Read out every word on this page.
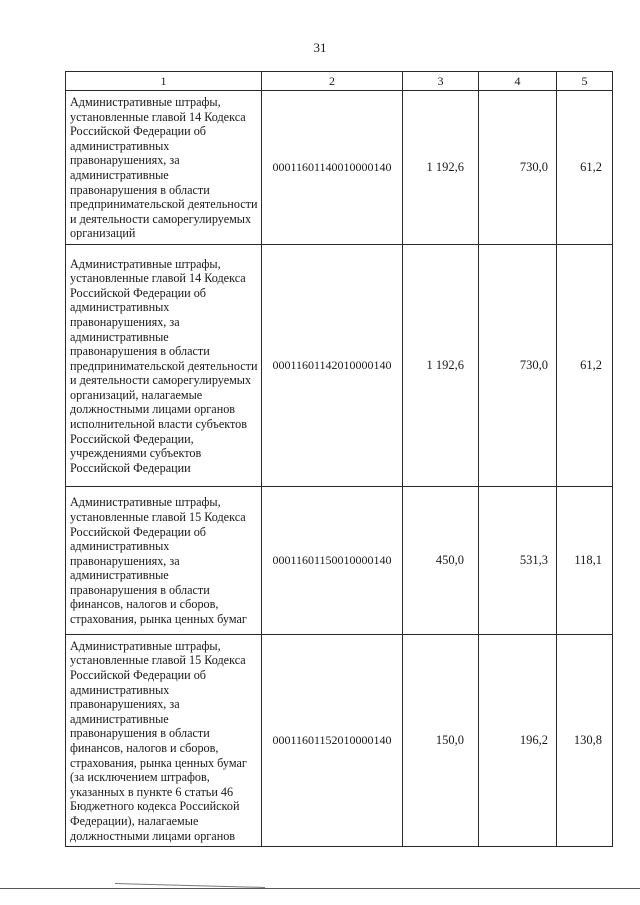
31
1	2	3	4	5
Административные штрафы, установленные главой 14 Кодекса Российской Федерации об административных правонарушениях, за административные правонарушения в области предпринимательской деятельности и деятельности саморегулируемых организаций	00011601140010000140	1 192,6	730,0	61,2
Административные штрафы, установленные главой 14 Кодекса Российской Федерации об административных правонарушениях, за административные правонарушения в области предпринимательской деятельности и деятельности саморегулируемых организаций, налагаемые должностными лицами органов исполнительной власти субъектов Российской Федерации, учреждениями субъектов Российской Федерации	00011601142010000140	1 192,6	730,0	61,2
Административные штрафы, установленные главой 15 Кодекса Российской Федерации об административных правонарушениях, за административные правонарушения в области финансов, налогов и сборов, страхования, рынка ценных бумаг	00011601150010000140	450,0	531,3	118,1
Административные штрафы, установленные главой 15 Кодекса Российской Федерации об административных правонарушениях, за административные правонарушения в области финансов, налогов и сборов, страхования, рынка ценных бумаг (за исключением штрафов, указанных в пункте 6 статьи 46 Бюджетного кодекса Российской Федерации), налагаемые должностными лицами органов	00011601152010000140	150,0	196,2	130,8
